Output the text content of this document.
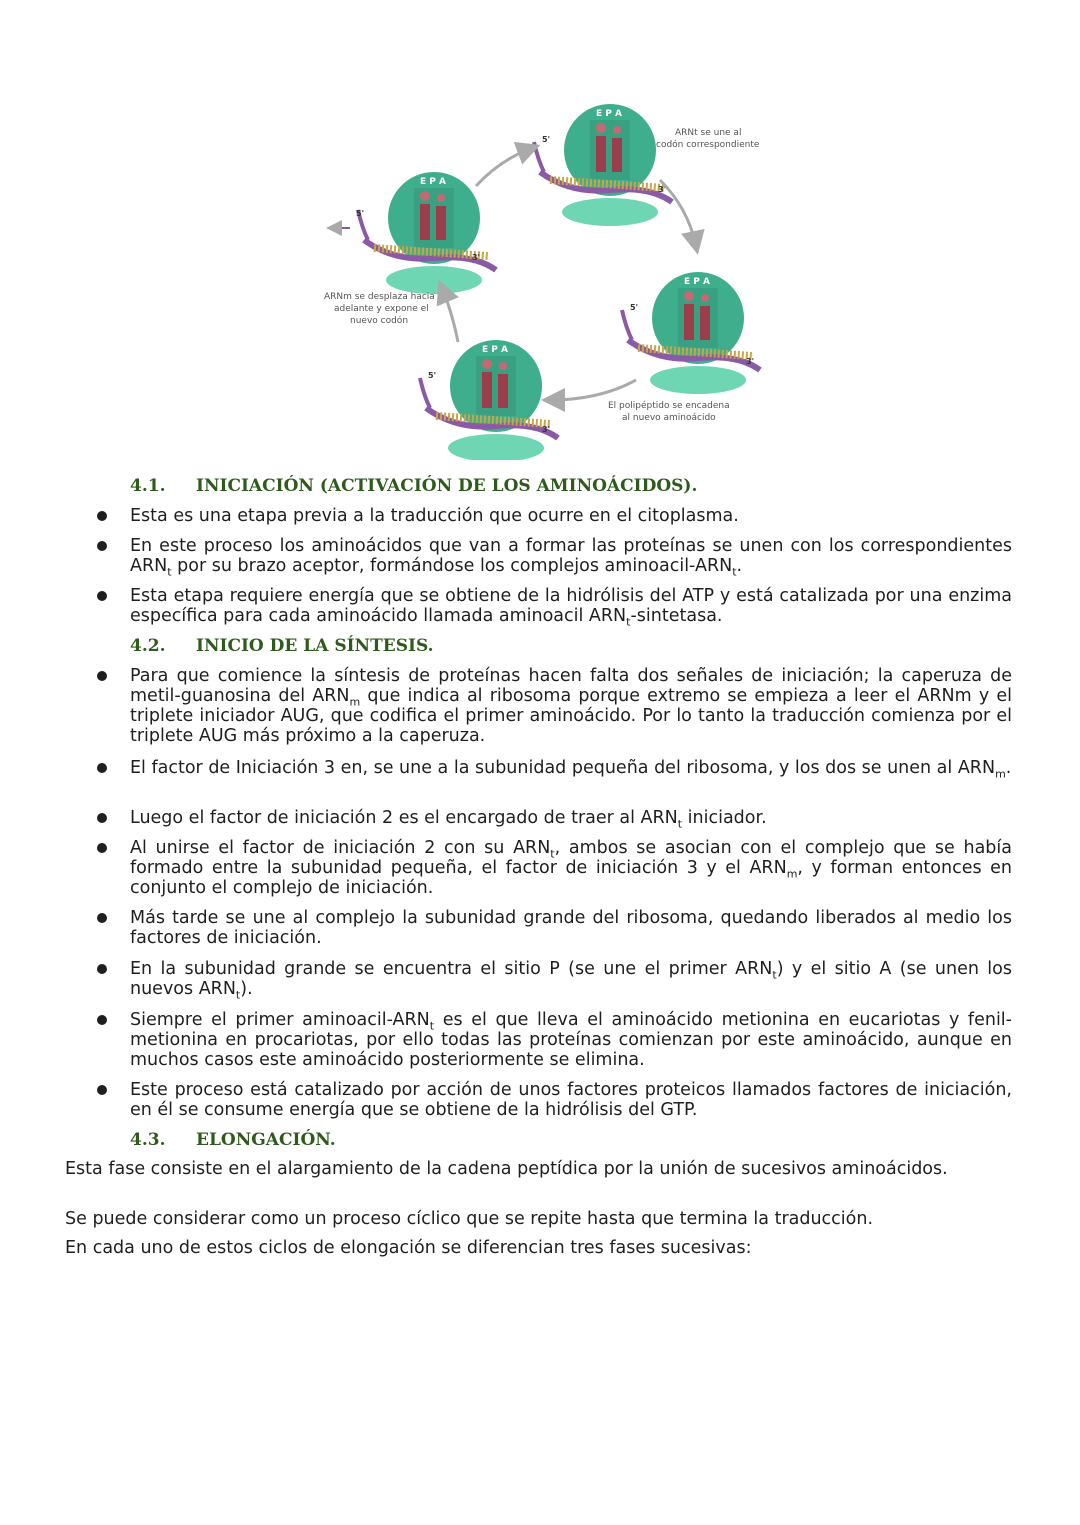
E P A
5'
3'
E P A
5'
3'
E P A
5'
3'
E P A
5'
3'
ARNt se une al
codón correspondiente
El polipéptido se encadena
al nuevo aminoácido
ARNm se desplaza hacia
adelante y expone el
nuevo codón
4.1. INICIACIÓN (ACTIVACIÓN DE LOS AMINOÁCIDOS).
Esta es una etapa previa a la traducción que ocurre en el citoplasma.
En este proceso los aminoácidos que van a formar las proteínas se unen con los correspondientes $ARN_t$ por su brazo aceptor, formándose los complejos aminoacil-$ARN_t$.
Esta etapa requiere energía que se obtiene de la hidrólisis del ATP y está catalizada por una enzima específica para cada aminoácido llamada aminoacil $ARN_t$-sintetasa.
4.2. INICIO DE LA SÍNTESIS.
Para que comience la síntesis de proteínas hacen falta dos señales de iniciación; la caperuza de metil-guanosina del $ARN_m$ que indica al ribosoma porque extremo se empieza a leer el ARNm y el triplete iniciador AUG, que codifica el primer aminoácido. Por lo tanto la traducción comienza por el triplete AUG más próximo a la caperuza.
El factor de Iniciación 3 en, se une a la subunidad pequeña del ribosoma, y los dos se unen al $ARN_m$.
Luego el factor de iniciación 2 es el encargado de traer al $ARN_t$ iniciador.
Al unirse el factor de iniciación 2 con su $ARN_t$, ambos se asocian con el complejo que se había formado entre la subunidad pequeña, el factor de iniciación 3 y el $ARN_m$, y forman entonces en conjunto el complejo de iniciación.
Más tarde se une al complejo la subunidad grande del ribosoma, quedando liberados al medio los factores de iniciación.
En la subunidad grande se encuentra el sitio P (se une el primer $ARN_t$) y el sitio A (se unen los nuevos $ARN_t$).
Siempre el primer aminoacil-$ARN_t$ es el que lleva el aminoácido metionina en eucariotas y fenil-metionina en procariotas, por ello todas las proteínas comienzan por este aminoácido, aunque en muchos casos este aminoácido posteriormente se elimina.
Este proceso está catalizado por acción de unos factores proteicos llamados factores de iniciación, en él se consume energía que se obtiene de la hidrólisis del GTP.
4.3. ELONGACIÓN.
Esta fase consiste en el alargamiento de la cadena peptídica por la unión de sucesivos aminoácidos.
Se puede considerar como un proceso cíclico que se repite hasta que termina la traducción.
En cada uno de estos ciclos de elongación se diferencian tres fases sucesivas:
